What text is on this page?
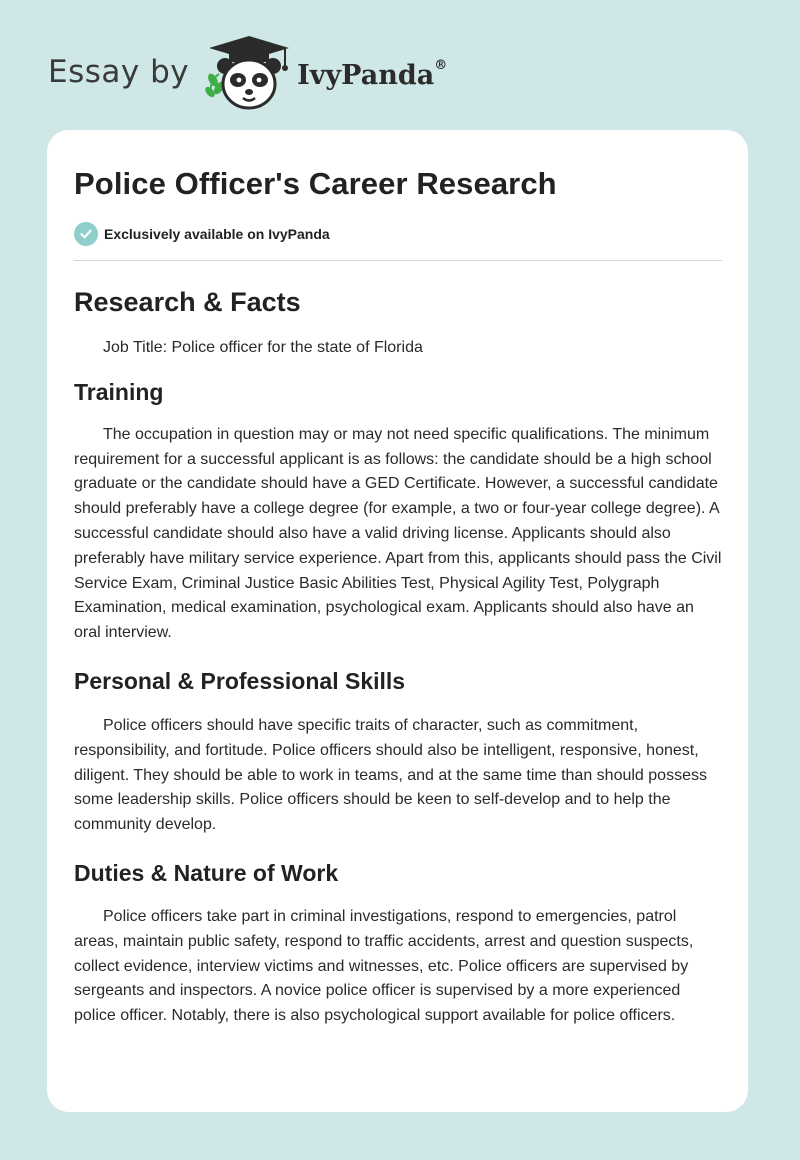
Essay by	IvyPanda®
Police Officer's Career Research
Exclusively available on IvyPanda
Research & Facts

Job Title: Police officer for the state of Florida

Training

The occupation in question may or may not need specific qualifications. The minimum requirement for a successful applicant is as follows: the candidate should be a high school graduate or the candidate should have a GED Certificate. However, a successful candidate should preferably have a college degree (for example, a two or four-year college degree). A successful candidate should also have a valid driving license. Applicants should also preferably have military service experience. Apart from this, applicants should pass the Civil Service Exam, Criminal Justice Basic Abilities Test, Physical Agility Test, Polygraph Examination, medical examination, psychological exam. Applicants should also have an oral interview.

Personal & Professional Skills

Police officers should have specific traits of character, such as commitment, responsibility, and fortitude. Police officers should also be intelligent, responsive, honest, diligent. They should be able to work in teams, and at the same time than should possess some leadership skills. Police officers should be keen to self-develop and to help the community develop.

Duties & Nature of Work

Police officers take part in criminal investigations, respond to emergencies, patrol areas, maintain public safety, respond to traffic accidents, arrest and question suspects, collect evidence, interview victims and witnesses, etc. Police officers are supervised by sergeants and inspectors. A novice police officer is supervised by a more experienced police officer. Notably, there is also psychological support available for police officers.
